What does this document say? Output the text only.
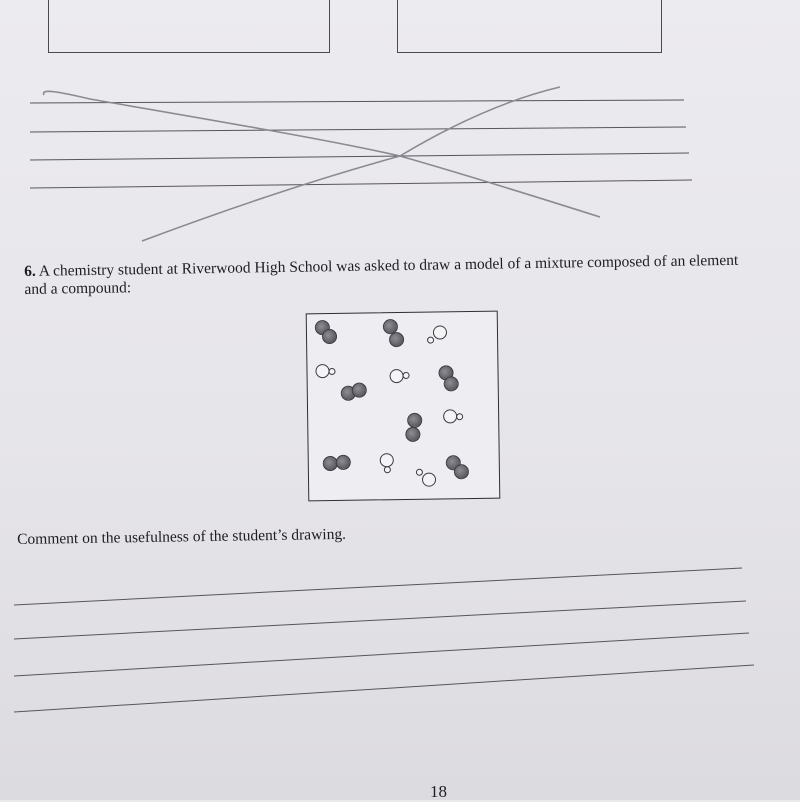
6. A chemistry student at Riverwood High School was asked to draw a model of a mixture composed of an element and a compound:
Comment on the usefulness of the student’s drawing.
18
